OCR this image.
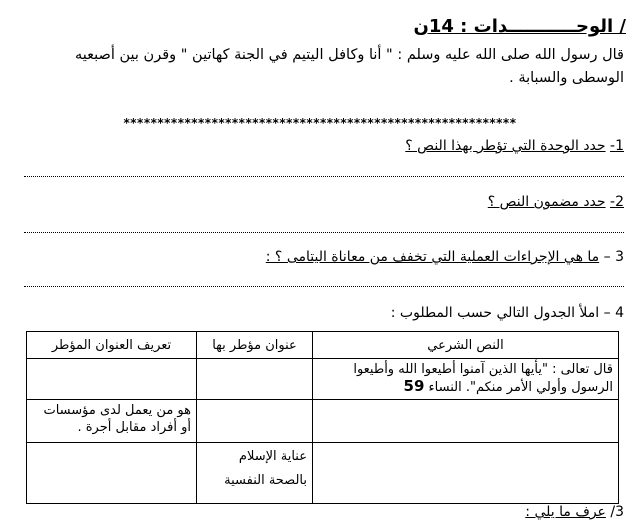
/ الوحـــــــــــدات : 14ن
قال رسول الله صلى الله عليه وسلم : " أنا وكافل اليتيم في الجنة كهاتين " وقرن بين أصبعيه الوسطى والسبابة .
**********************************************************
1- حدد الوحدة التي تؤطر بهذا النص ؟
2- حدد مضمون النص ؟
3 – ما هي الإجراءات العملية التي تخفف من معاناة اليتامى ؟ :
4 – املأ الجدول التالي حسب المطلوب :
النص الشرعي	عنوان مؤطر بها	تعريف العنوان المؤطر
قال تعالى : "يأيها الذين آمنوا أطيعوا الله وأطيعوا الرسول وأولي الأمر منكم". النساء 59		
		هو من يعمل لدى مؤسسات أو أفراد مقابل أجرة .
	عناية الإسلام بالصحة النفسية	
3/ عرف ما يلي :
